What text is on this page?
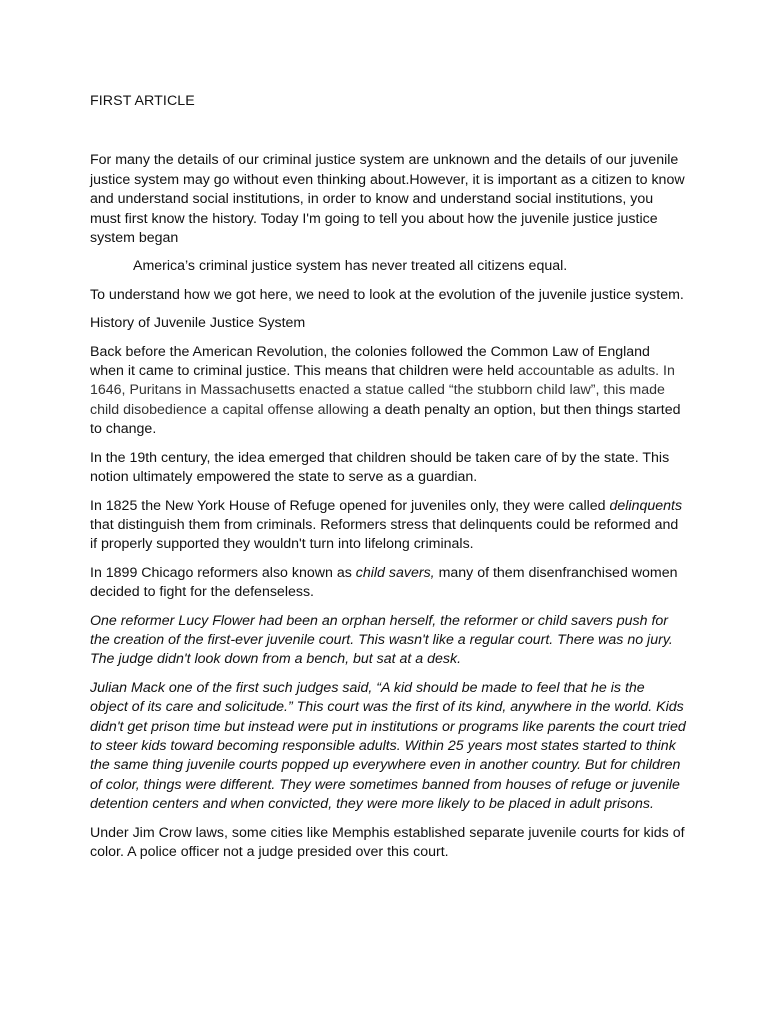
FIRST ARTICLE

For many the details of our criminal justice system are unknown and the details of our juvenile justice system may go without even thinking about.However, it is important as a citizen to know and understand social institutions, in order to know and understand social institutions, you must first know the history. Today I'm going to tell you about how the juvenile justice justice system began

America’s criminal justice system has never treated all citizens equal.

To understand how we got here, we need to look at the evolution of the juvenile justice system.

History of Juvenile Justice System

Back before the American Revolution, the colonies followed the Common Law of England when it came to criminal justice. This means that children were held accountable as adults. In 1646, Puritans in Massachusetts enacted a statue called “the stubborn child law”, this made child disobedience a capital offense allowing a death penalty an option, but then things started to change.

In the 19th century, the idea emerged that children should be taken care of by the state. This notion ultimately empowered the state to serve as a guardian.

In 1825 the New York House of Refuge opened for juveniles only, they were called delinquents that distinguish them from criminals. Reformers stress that delinquents could be reformed and if properly supported they wouldn't turn into lifelong criminals.

In 1899 Chicago reformers also known as child savers, many of them disenfranchised women decided to fight for the defenseless.

One reformer Lucy Flower had been an orphan herself, the reformer or child savers push for the creation of the first-ever juvenile court. This wasn't like a regular court. There was no jury. The judge didn't look down from a bench, but sat at a desk.

Julian Mack one of the first such judges said, “A kid should be made to feel that he is the object of its care and solicitude.” This court was the first of its kind, anywhere in the world. Kids didn't get prison time but instead were put in institutions or programs like parents the court tried to steer kids toward becoming responsible adults. Within 25 years most states started to think the same thing juvenile courts popped up everywhere even in another country. But for children of color, things were different. They were sometimes banned from houses of refuge or juvenile detention centers and when convicted, they were more likely to be placed in adult prisons.

Under Jim Crow laws, some cities like Memphis established separate juvenile courts for kids of color. A police officer not a judge presided over this court.
